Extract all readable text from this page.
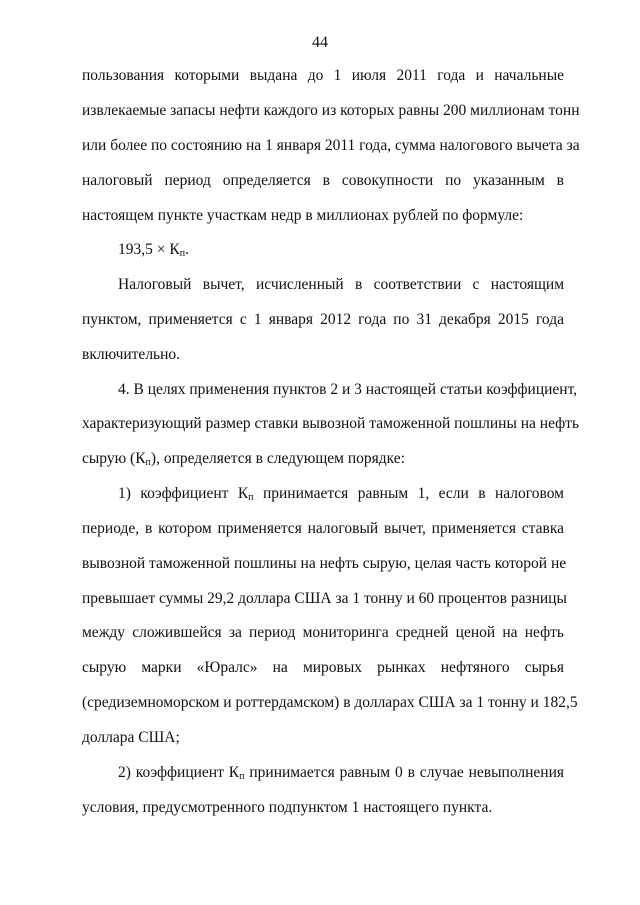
44
пользования которыми выдана до 1 июля 2011 года и начальные
извлекаемые запасы нефти каждого из которых равны 200 миллионам тонн
или более по состоянию на 1 января 2011 года, сумма налогового вычета за
налоговый период определяется в совокупности по указанным в
настоящем пункте участкам недр в миллионах рублей по формуле:
$193,5 \times К_п$.
Налоговый вычет, исчисленный в соответствии с настоящим
пунктом, применяется с 1 января 2012 года по 31 декабря 2015 года
включительно.
4. В целях применения пунктов 2 и 3 настоящей статьи коэффициент,
характеризующий размер ставки вывозной таможенной пошлины на нефть
сырую $(К_п)$, определяется в следующем порядке:
1) коэффициент $К_п$ принимается равным 1, если в налоговом
периоде, в котором применяется налоговый вычет, применяется ставка
вывозной таможенной пошлины на нефть сырую, целая часть которой не
превышает суммы 29,2 доллара США за 1 тонну и 60 процентов разницы
между сложившейся за период мониторинга средней ценой на нефть
сырую марки «Юралс» на мировых рынках нефтяного сырья
(средиземноморском и роттердамском) в долларах США за 1 тонну и 182,5
доллара США;
2) коэффициент $К_п$ принимается равным 0 в случае невыполнения
условия, предусмотренного подпунктом 1 настоящего пункта.
